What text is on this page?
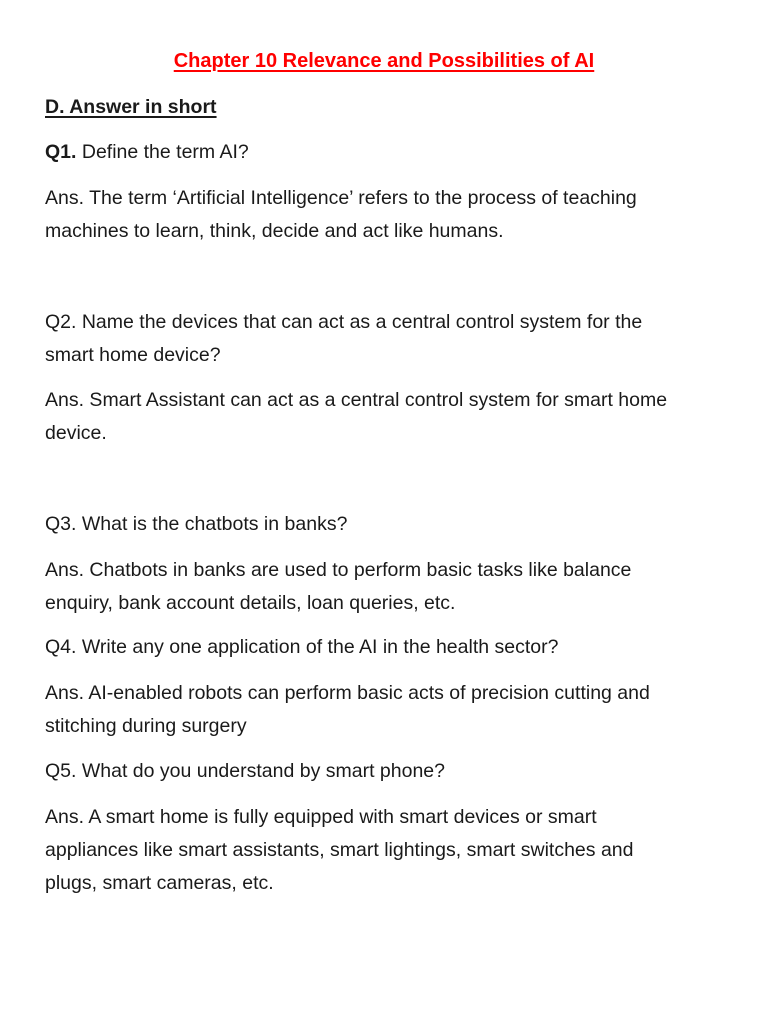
Chapter 10 Relevance and Possibilities of AI
D. Answer in short
Q1. Define the term AI?
Ans. The term ‘Artificial Intelligence’ refers to the process of teaching
machines to learn, think, decide and act like humans.
Q2. Name the devices that can act as a central control system for the
smart home device?
Ans. Smart Assistant can act as a central control system for smart home
device.
Q3. What is the chatbots in banks?
Ans. Chatbots in banks are used to perform basic tasks like balance
enquiry, bank account details, loan queries, etc.
Q4. Write any one application of the AI in the health sector?
Ans. AI-enabled robots can perform basic acts of precision cutting and
stitching during surgery
Q5. What do you understand by smart phone?
Ans. A smart home is fully equipped with smart devices or smart
appliances like smart assistants, smart lightings, smart switches and
plugs, smart cameras, etc.
